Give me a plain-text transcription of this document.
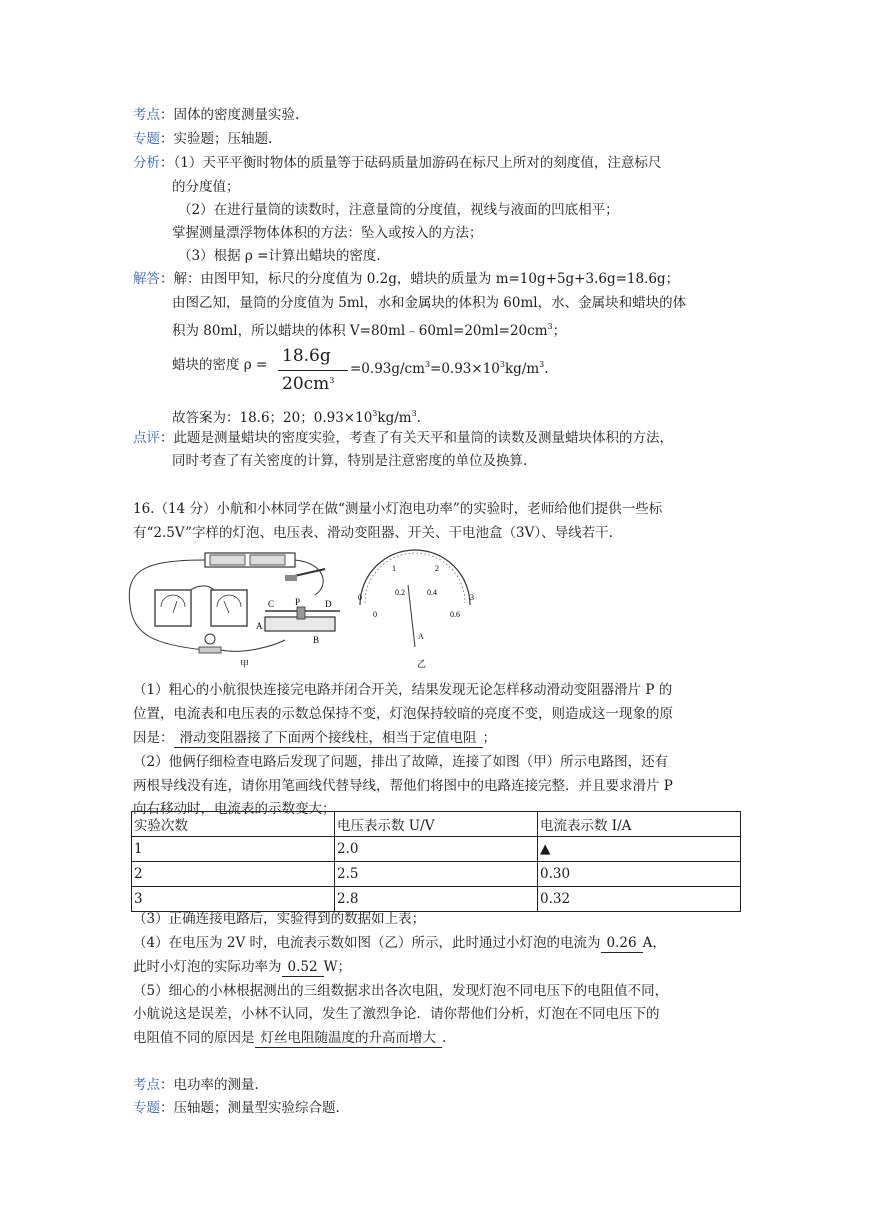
考点：固体的密度测量实验.
专题：实验题；压轴题.
分析：（1）天平平衡时物体的质量等于砝码质量加游码在标尺上所对的刻度值，注意标尺
的分度值；
（2）在进行量筒的读数时，注意量筒的分度值，视线与液面的凹底相平；
掌握测量漂浮物体体积的方法：坠入或按入的方法；
（3）根据 ρ =计算出蜡块的密度.
解答：解：由图甲知，标尺的分度值为 0.2g，蜡块的质量为 m=10g+5g+3.6g=18.6g；
由图乙知，量筒的分度值为 5ml，水和金属块的体积为 60ml，水、金属块和蜡块的体
积为 80ml，所以蜡块的体积 $V=80ml﹣60ml=20ml=20cm^3$；
蜡块的密度 ρ = 18.6g
$20cm^3$
$=0.93g/cm^3=0.93\times 10^3kg/m^3$.
故答案为：18.6；20；$0.93\times 10^3kg/m^3$.
点评：此题是测量蜡块的密度实验，考查了有关天平和量筒的读数及测量蜡块体积的方法，
同时考查了有关密度的计算，特别是注意密度的单位及换算.
16.（14 分）小航和小林同学在做“测量小灯泡电功率”的实验时，老师给他们提供一些标
有“2.5V”字样的灯泡、电压表、滑动变阻器、开关、干电池盒（3V）、导线若干.
C P	D
A
B
甲
0
1	2
3
0
0.2	0.4
0.6
A
乙
（1）粗心的小航很快连接完电路并闭合开关，结果发现无论怎样移动滑动变阻器滑片 P 的
位置，电流表和电压表的示数总保持不变，灯泡保持较暗的亮度不变，则造成这一现象的原
因是： 滑动变阻器接了下面两个接线柱，相当于定值电阻 ；
（2）他俩仔细检查电路后发现了问题，排出了故障，连接了如图（甲）所示电路图，还有
两根导线没有连，请你用笔画线代替导线，帮他们将图中的电路连接完整．并且要求滑片 P
向右移动时，电流表的示数变大；
实验次数	电压表示数 U/V	电流表示数 I/A
1	2.0	▲
2	2.5	0.30
3	2.8	0.32
（3）正确连接电路后，实验得到的数据如上表；
（4）在电压为 2V 时，电流表示数如图（乙）所示，此时通过小灯泡的电流为 0.26 A，
此时小灯泡的实际功率为 0.52 W；
（5）细心的小林根据测出的三组数据求出各次电阻，发现灯泡不同电压下的电阻值不同，
小航说这是误差，小林不认同，发生了激烈争论．请你帮他们分析，灯泡在不同电压下的
电阻值不同的原因是 灯丝电阻随温度的升高而增大 .
考点：电功率的测量.
专题：压轴题；测量型实验综合题.
